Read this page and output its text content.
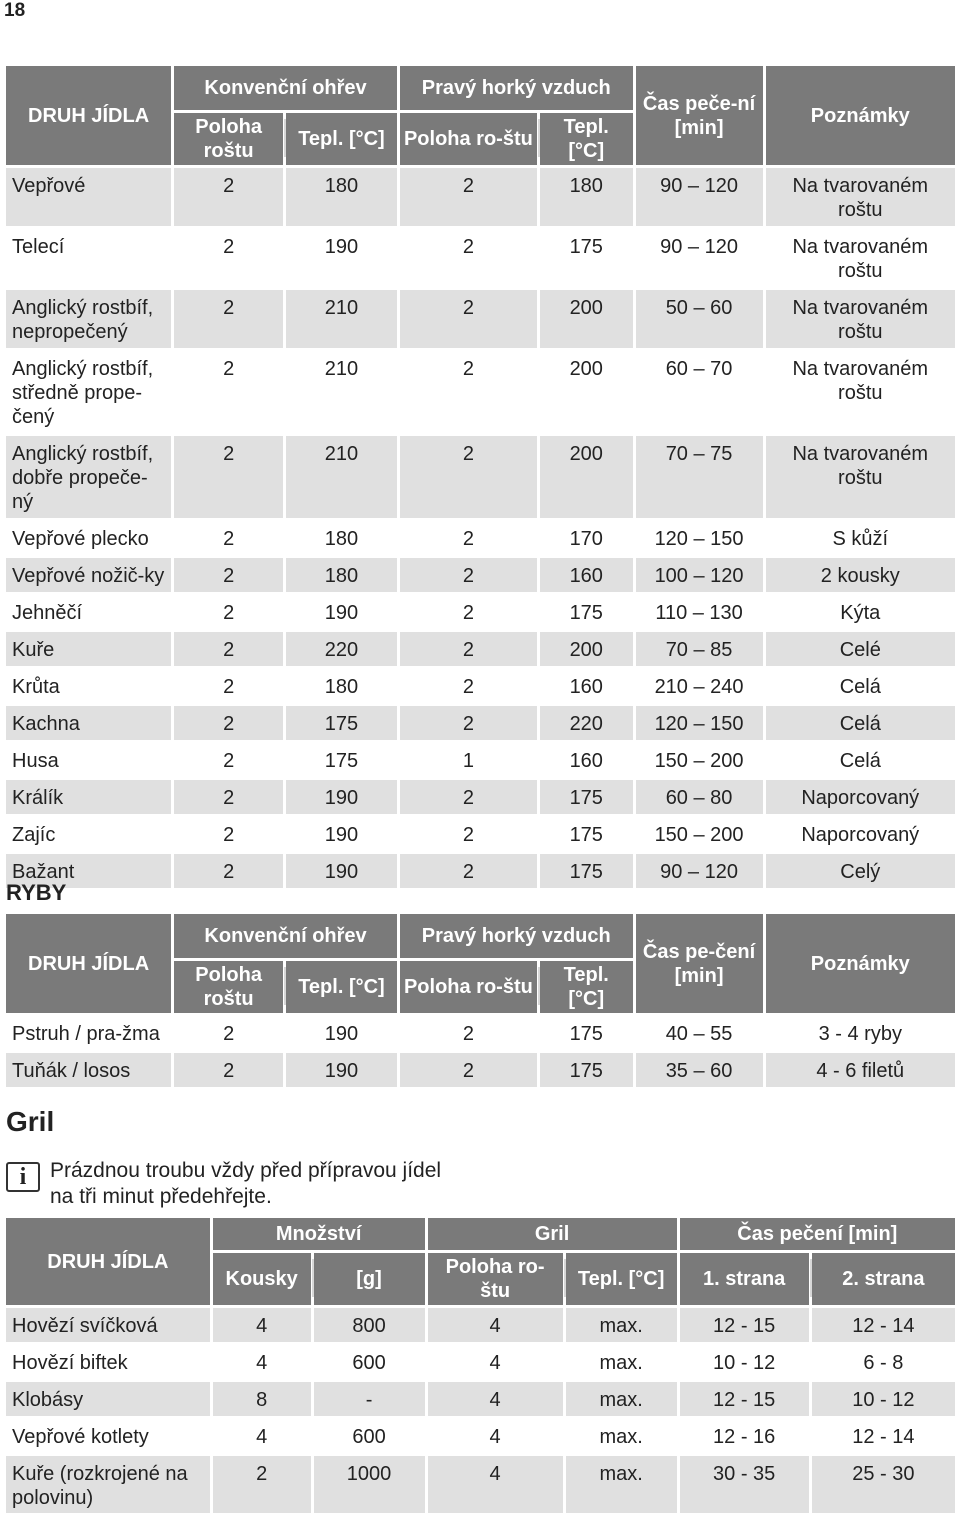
18
DRUH JÍDLA	Konvenční ohřev		Pravý horký vzduch		Čas peče-ní [min]	Poznámky
	Poloha roštu	Tepl. [°C]	Poloha ro-štu	Tepl. [°C]		
Vepřové	2	180	2	180	90 – 120	Na tvarovaném roštu
Telecí	2	190	2	175	90 – 120	Na tvarovaném roštu
Anglický rostbíf, nepropečený	2	210	2	200	50 – 60	Na tvarovaném roštu
Anglický rostbíf, středně prope-čený	2	210	2	200	60 – 70	Na tvarovaném roštu
Anglický rostbíf, dobře propeče-ný	2	210	2	200	70 – 75	Na tvarovaném roštu
Vepřové plecko	2	180	2	170	120 – 150	S kůží
Vepřové nožič-ky	2	180	2	160	100 – 120	2 kousky
Jehněčí	2	190	2	175	110 – 130	Kýta
Kuře	2	220	2	200	70 – 85	Celé
Krůta	2	180	2	160	210 – 240	Celá
Kachna	2	175	2	220	120 – 150	Celá
Husa	2	175	1	160	150 – 200	Celá
Králík	2	190	2	175	60 – 80	Naporcovaný
Zajíc	2	190	2	175	150 – 200	Naporcovaný
Bažant	2	190	2	175	90 – 120	Celý
RYBY
DRUH JÍDLA	Konvenční ohřev		Pravý horký vzduch		Čas pe-čení [min]	Poznámky
	Poloha roštu	Tepl. [°C]	Poloha ro-štu	Tepl. [°C]		
Pstruh / pra-žma	2	190	2	175	40 – 55	3 - 4 ryby
Tuňák / losos	2	190	2	175	35 – 60	4 - 6 filetů
Gril
i	Prázdnou troubu vždy před přípravou jídel na tři minut předehřejte.
DRUH JÍDLA	Množství		Gril		Čas pečení [min]	
	Kousky	[g]	Poloha ro-štu	Tepl. [°C]	1. strana	2. strana
Hovězí svíčková	4	800	4	max.	12 - 15	12 - 14
Hovězí biftek	4	600	4	max.	10 - 12	6 - 8
Klobásy	8	-	4	max.	12 - 15	10 - 12
Vepřové kotlety	4	600	4	max.	12 - 16	12 - 14
Kuře (rozkrojené na polovinu)	2	1000	4	max.	30 - 35	25 - 30
